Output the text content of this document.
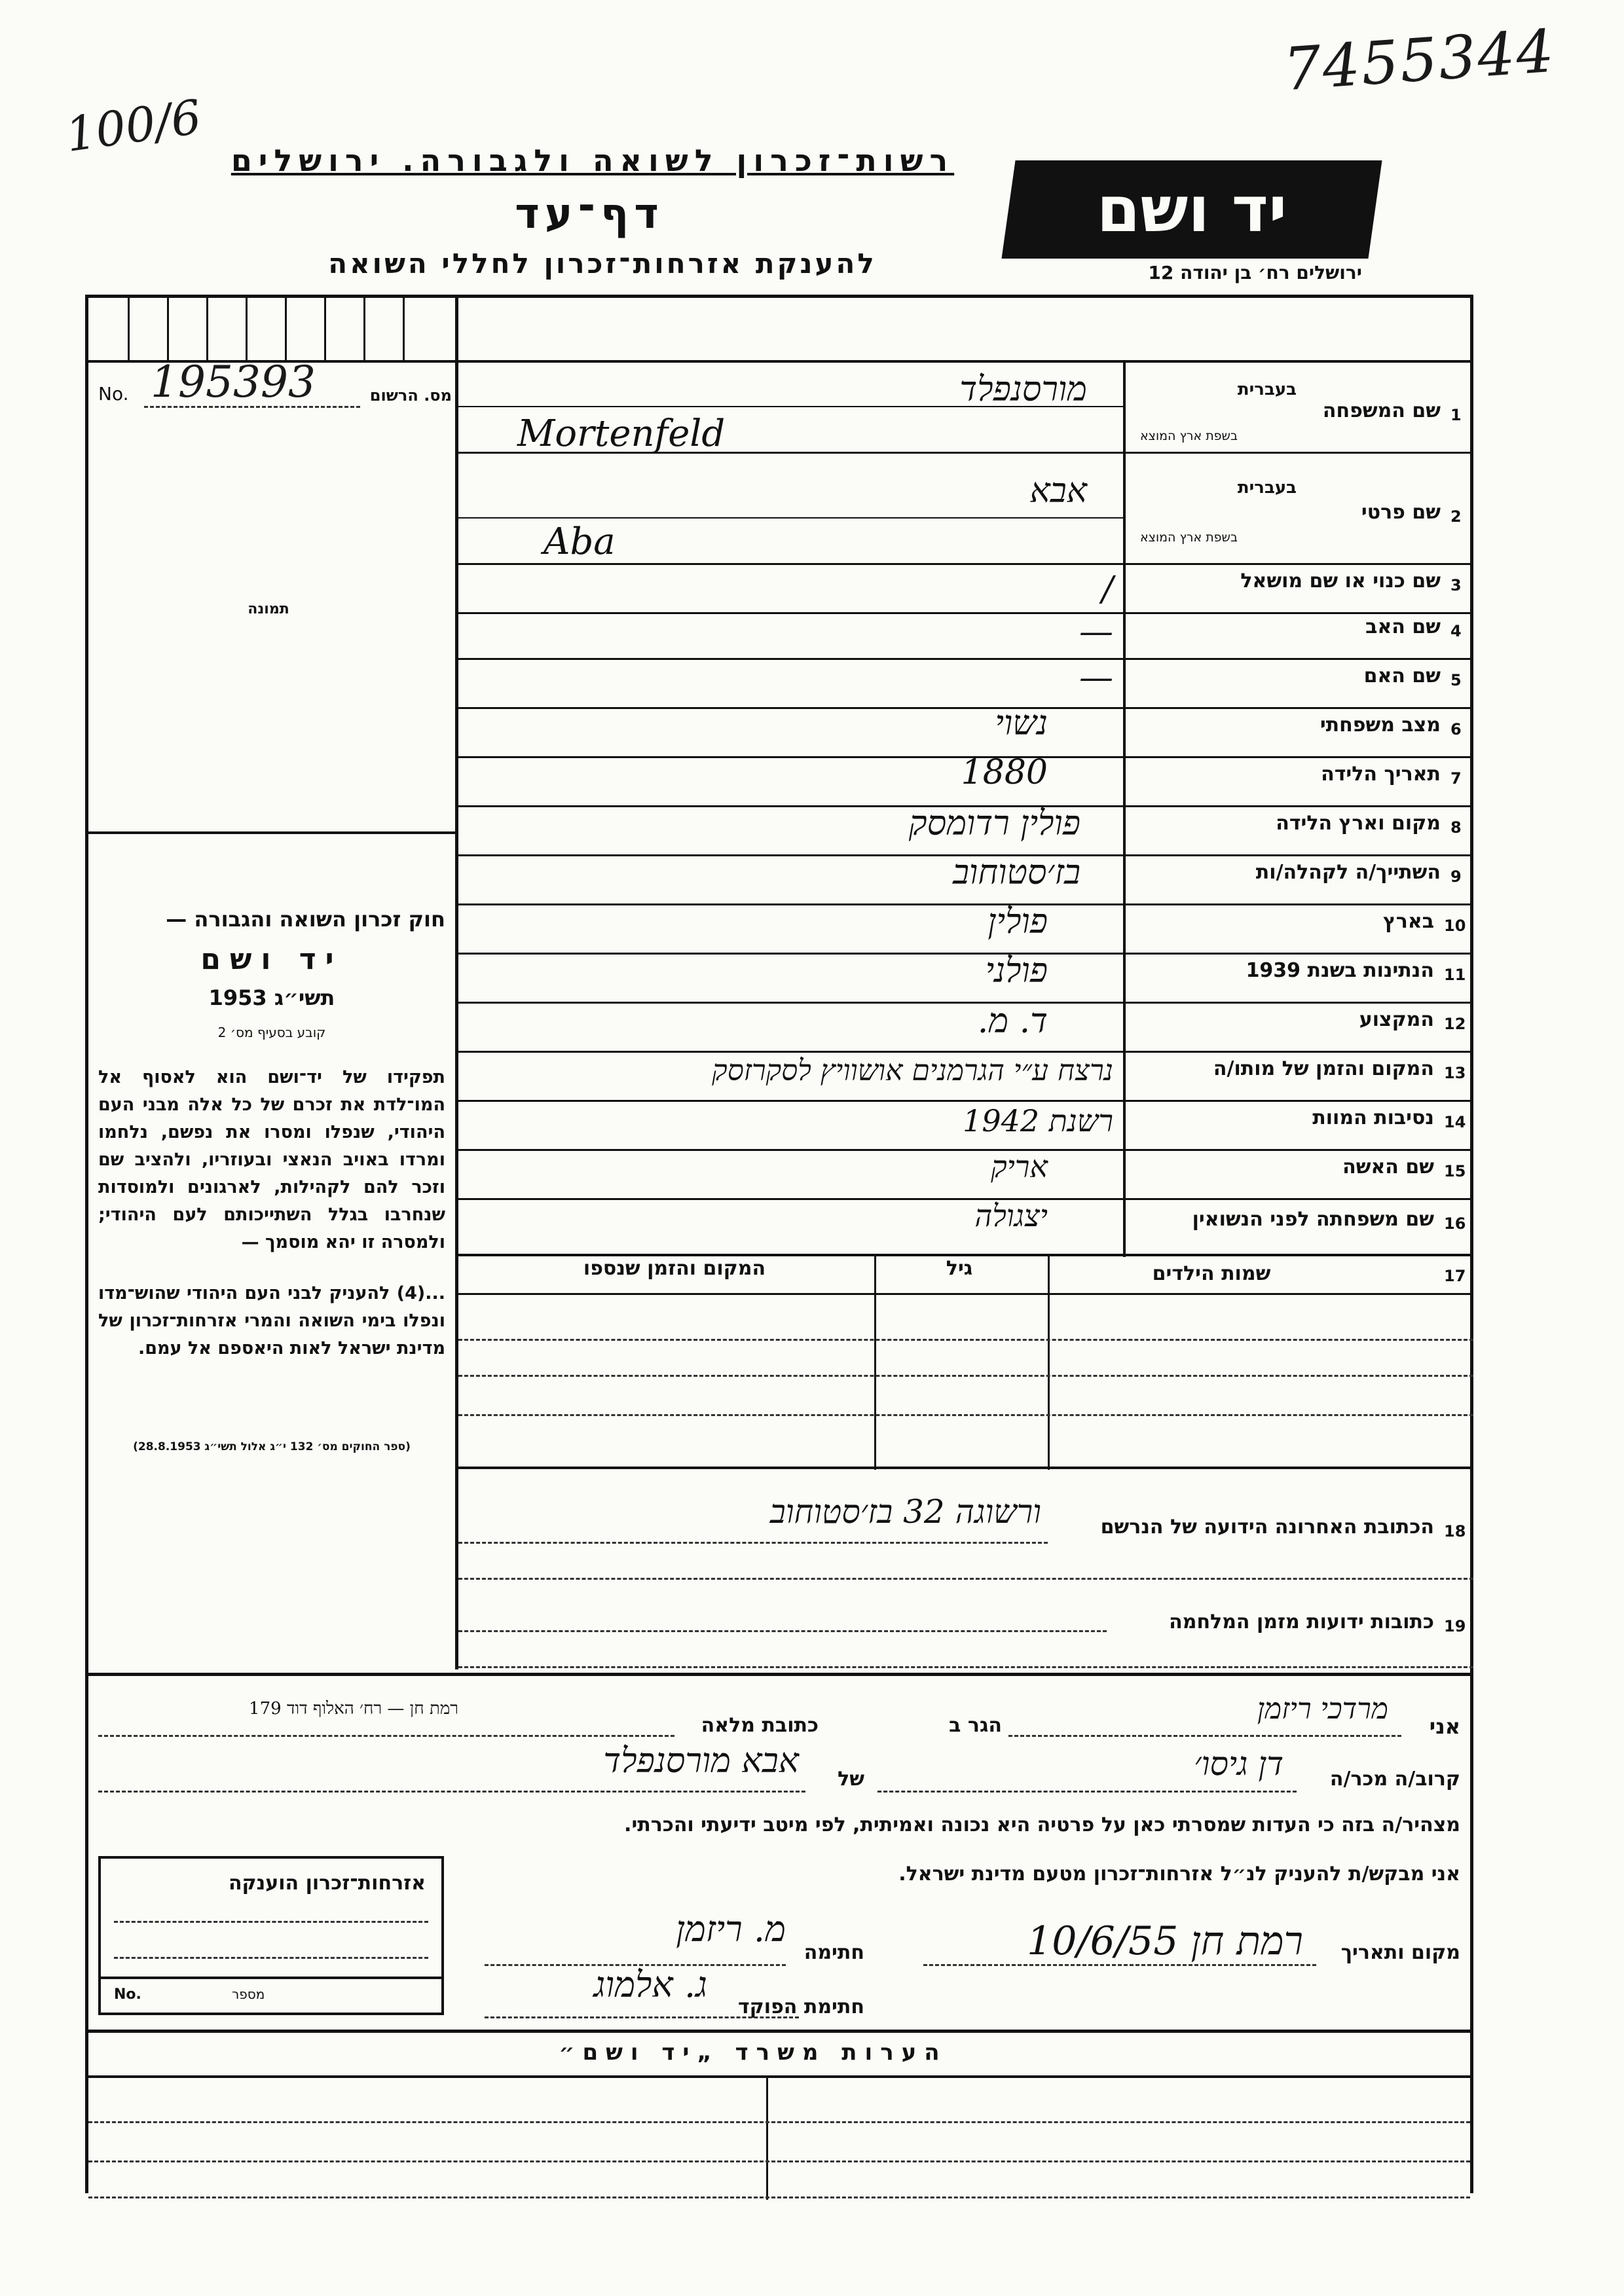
100/6
7455344
רשות־זכרון לשואה ולגבורה. ירושלים
דף־עד
להענקת אזרחות־זכרון לחללי השואה
יד ושם
ירושלים רח׳ בן יהודה 12
No. 195393	מס. הרשום
תמונה
חוק זכרון השואה והגבורה —
יד ושם
תשי״ג 1953
קובע בסעיף מס׳ 2
תפקידו של יד־ושם הוא לאסוף אל המו־לדת את זכרם של כל אלה מבני העם היהודי, שנפלו ומסרו את נפשם, נלחמו ומרדו באויב הנאצי ובעוזריו, ולהציב שם וזכר להם לקהילות, לארגונים ולמוסדות שנחרבו בגלל השתייכותם לעם היהודי; ולמסרה זו יהא מוסמך —
...(4) להעניק לבני העם היהודי שהוש־מדו ונפלו בימי השואה והמרי אזרחות־זכרון של מדינת ישראל לאות היאספם אל עמם.
(ספר החוקים מס׳ 132 י״ג אלול תשי״ג 28.8.1953)
1
שם המשפחה
בעברית
בשפת ארץ המוצא
מורסנפלד
Mortenfeld
2
שם פרטי
בעברית
בשפת ארץ המוצא
אבא
Aba
3
שם כנוי או שם מושאל
/
4
שם האב
—
5
שם האם
—
6
מצב משפחתי
נשוי
7
תאריך הלידה
1880
8
מקום וארץ הלידה
פולין רדומסק
9
השתייך/ה לקהלה/ות
בז׳סטוחוב
10
בארץ
פולין
11
הנתינות בשנת 1939
פולני
12
המקצוע
ד. מ.
13
המקום והזמן של מותו/ה
נרצח ע״י הגרמנים אושוויץ לסקרזסק
14
נסיבות המוות
רשנת 1942
15
שם האשה
אריק
16
שם משפחתה לפני הנשואין
יצגולה
17
שמות הילדים
גיל
המקום והזמן שנספו
18
הכתובת האחרונה הידועה של הנרשם
ורשוגה 32 בז׳סטוחוב
19
כתובות ידועות מזמן המלחמה
אני
מרדכי ריזמן
הגר ב
רמת חן — רח׳ האלוף דוד 179
כתובת מלאה
קרוב/ה מכר/ה
דן גיסו׳
של
אבא מורסנפלד
מצהיר/ה בזה כי העדות שמסרתי כאן על פרטיה היא נכונה ואמיתית, לפי מיטב ידיעתי והכרתי.
אני מבקש/ת להעניק לנ״ל אזרחות־זכרון מטעם מדינת ישראל.
מקום ותאריך
רמת חן 10/6/55
חתימה
מ. ריזמן
חתימת הפוקד
ג. אלמוג
אזרחות־זכרון הוענקה
No.	מספר
הערות משרד „יד ושם״
